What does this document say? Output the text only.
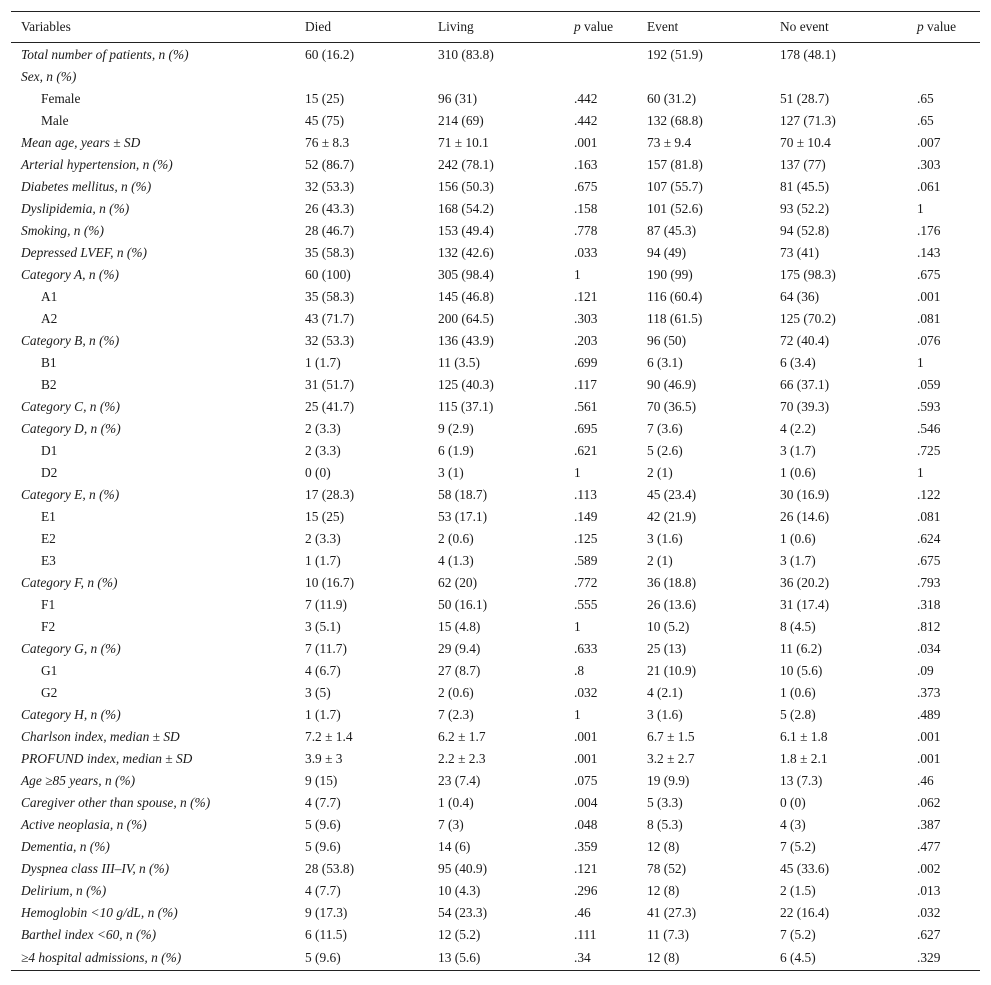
Variables	Died	Living	p value	Event	No event	p value
Total number of patients, n (%)	60 (16.2)	310 (83.8)		192 (51.9)	178 (48.1)	
Sex, n (%)						
Female	15 (25)	96 (31)	.442	60 (31.2)	51 (28.7)	.65
Male	45 (75)	214 (69)	.442	132 (68.8)	127 (71.3)	.65
Mean age, years ± SD	76 ± 8.3	71 ± 10.1	.001	73 ± 9.4	70 ± 10.4	.007
Arterial hypertension, n (%)	52 (86.7)	242 (78.1)	.163	157 (81.8)	137 (77)	.303
Diabetes mellitus, n (%)	32 (53.3)	156 (50.3)	.675	107 (55.7)	81 (45.5)	.061
Dyslipidemia, n (%)	26 (43.3)	168 (54.2)	.158	101 (52.6)	93 (52.2)	1
Smoking, n (%)	28 (46.7)	153 (49.4)	.778	87 (45.3)	94 (52.8)	.176
Depressed LVEF, n (%)	35 (58.3)	132 (42.6)	.033	94 (49)	73 (41)	.143
Category A, n (%)	60 (100)	305 (98.4)	1	190 (99)	175 (98.3)	.675
A1	35 (58.3)	145 (46.8)	.121	116 (60.4)	64 (36)	.001
A2	43 (71.7)	200 (64.5)	.303	118 (61.5)	125 (70.2)	.081
Category B, n (%)	32 (53.3)	136 (43.9)	.203	96 (50)	72 (40.4)	.076
B1	1 (1.7)	11 (3.5)	.699	6 (3.1)	6 (3.4)	1
B2	31 (51.7)	125 (40.3)	.117	90 (46.9)	66 (37.1)	.059
Category C, n (%)	25 (41.7)	115 (37.1)	.561	70 (36.5)	70 (39.3)	.593
Category D, n (%)	2 (3.3)	9 (2.9)	.695	7 (3.6)	4 (2.2)	.546
D1	2 (3.3)	6 (1.9)	.621	5 (2.6)	3 (1.7)	.725
D2	0 (0)	3 (1)	1	2 (1)	1 (0.6)	1
Category E, n (%)	17 (28.3)	58 (18.7)	.113	45 (23.4)	30 (16.9)	.122
E1	15 (25)	53 (17.1)	.149	42 (21.9)	26 (14.6)	.081
E2	2 (3.3)	2 (0.6)	.125	3 (1.6)	1 (0.6)	.624
E3	1 (1.7)	4 (1.3)	.589	2 (1)	3 (1.7)	.675
Category F, n (%)	10 (16.7)	62 (20)	.772	36 (18.8)	36 (20.2)	.793
F1	7 (11.9)	50 (16.1)	.555	26 (13.6)	31 (17.4)	.318
F2	3 (5.1)	15 (4.8)	1	10 (5.2)	8 (4.5)	.812
Category G, n (%)	7 (11.7)	29 (9.4)	.633	25 (13)	11 (6.2)	.034
G1	4 (6.7)	27 (8.7)	.8	21 (10.9)	10 (5.6)	.09
G2	3 (5)	2 (0.6)	.032	4 (2.1)	1 (0.6)	.373
Category H, n (%)	1 (1.7)	7 (2.3)	1	3 (1.6)	5 (2.8)	.489
Charlson index, median ± SD	7.2 ± 1.4	6.2 ± 1.7	.001	6.7 ± 1.5	6.1 ± 1.8	.001
PROFUND index, median ± SD	3.9 ± 3	2.2 ± 2.3	.001	3.2 ± 2.7	1.8 ± 2.1	.001
Age ≥85 years, n (%)	9 (15)	23 (7.4)	.075	19 (9.9)	13 (7.3)	.46
Caregiver other than spouse, n (%)	4 (7.7)	1 (0.4)	.004	5 (3.3)	0 (0)	.062
Active neoplasia, n (%)	5 (9.6)	7 (3)	.048	8 (5.3)	4 (3)	.387
Dementia, n (%)	5 (9.6)	14 (6)	.359	12 (8)	7 (5.2)	.477
Dyspnea class III–IV, n (%)	28 (53.8)	95 (40.9)	.121	78 (52)	45 (33.6)	.002
Delirium, n (%)	4 (7.7)	10 (4.3)	.296	12 (8)	2 (1.5)	.013
Hemoglobin <10 g/dL, n (%)	9 (17.3)	54 (23.3)	.46	41 (27.3)	22 (16.4)	.032
Barthel index <60, n (%)	6 (11.5)	12 (5.2)	.111	11 (7.3)	7 (5.2)	.627
≥4 hospital admissions, n (%)	5 (9.6)	13 (5.6)	.34	12 (8)	6 (4.5)	.329
